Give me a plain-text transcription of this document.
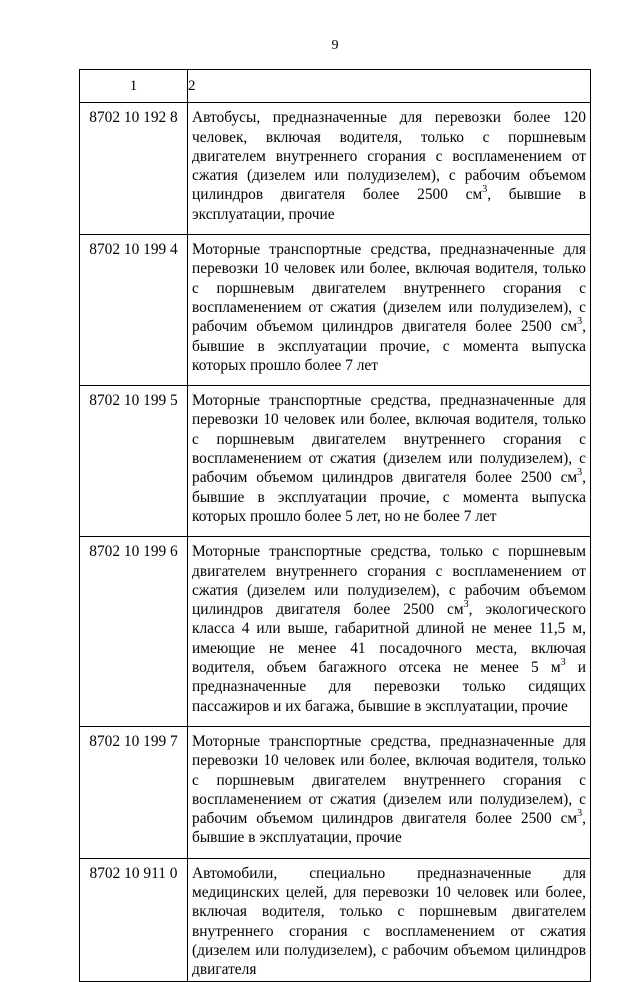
9
1	2
8702 10 192 8	Автобусы, предназначенные для перевозки более 120 человек, включая водителя, только с поршневым двигателем внутреннего сгорания с воспламенением от сжатия (дизелем или полудизелем), с рабочим объемом цилиндров двигателя более 2500 $см^3$, бывшие в эксплуатации, прочие
8702 10 199 4	Моторные транспортные средства, предназначенные для перевозки 10 человек или более, включая водителя, только с поршневым двигателем внутреннего сгорания с воспламенением от сжатия (дизелем или полудизелем), с рабочим объемом цилиндров двигателя более 2500 $см^3$, бывшие в эксплуатации прочие, с момента выпуска которых прошло более 7 лет
8702 10 199 5	Моторные транспортные средства, предназначенные для перевозки 10 человек или более, включая водителя, только с поршневым двигателем внутреннего сгорания с воспламенением от сжатия (дизелем или полудизелем), с рабочим объемом цилиндров двигателя более 2500 $см^3$, бывшие в эксплуатации прочие, с момента выпуска которых прошло более 5 лет, но не более 7 лет
8702 10 199 6	Моторные транспортные средства, только с поршневым двигателем внутреннего сгорания с воспламенением от сжатия (дизелем или полудизелем), с рабочим объемом цилиндров двигателя более 2500 $см^3$, экологического класса 4 или выше, габаритной длиной не менее 11,5 м, имеющие не менее 41 посадочного места, включая водителя, объем багажного отсека не менее 5 $м^3$ и предназначенные для перевозки только сидящих пассажиров и их багажа, бывшие в эксплуатации, прочие
8702 10 199 7	Моторные транспортные средства, предназначенные для перевозки 10 человек или более, включая водителя, только с поршневым двигателем внутреннего сгорания с воспламенением от сжатия (дизелем или полудизелем), с рабочим объемом цилиндров двигателя более 2500 $см^3$, бывшие в эксплуатации, прочие
8702 10 911 0	Автомобили, специально предназначенные для медицинских целей, для перевозки 10 человек или более, включая водителя, только с поршневым двигателем внутреннего сгорания с воспламенением от сжатия (дизелем или полудизелем), с рабочим объемом цилиндров двигателя
